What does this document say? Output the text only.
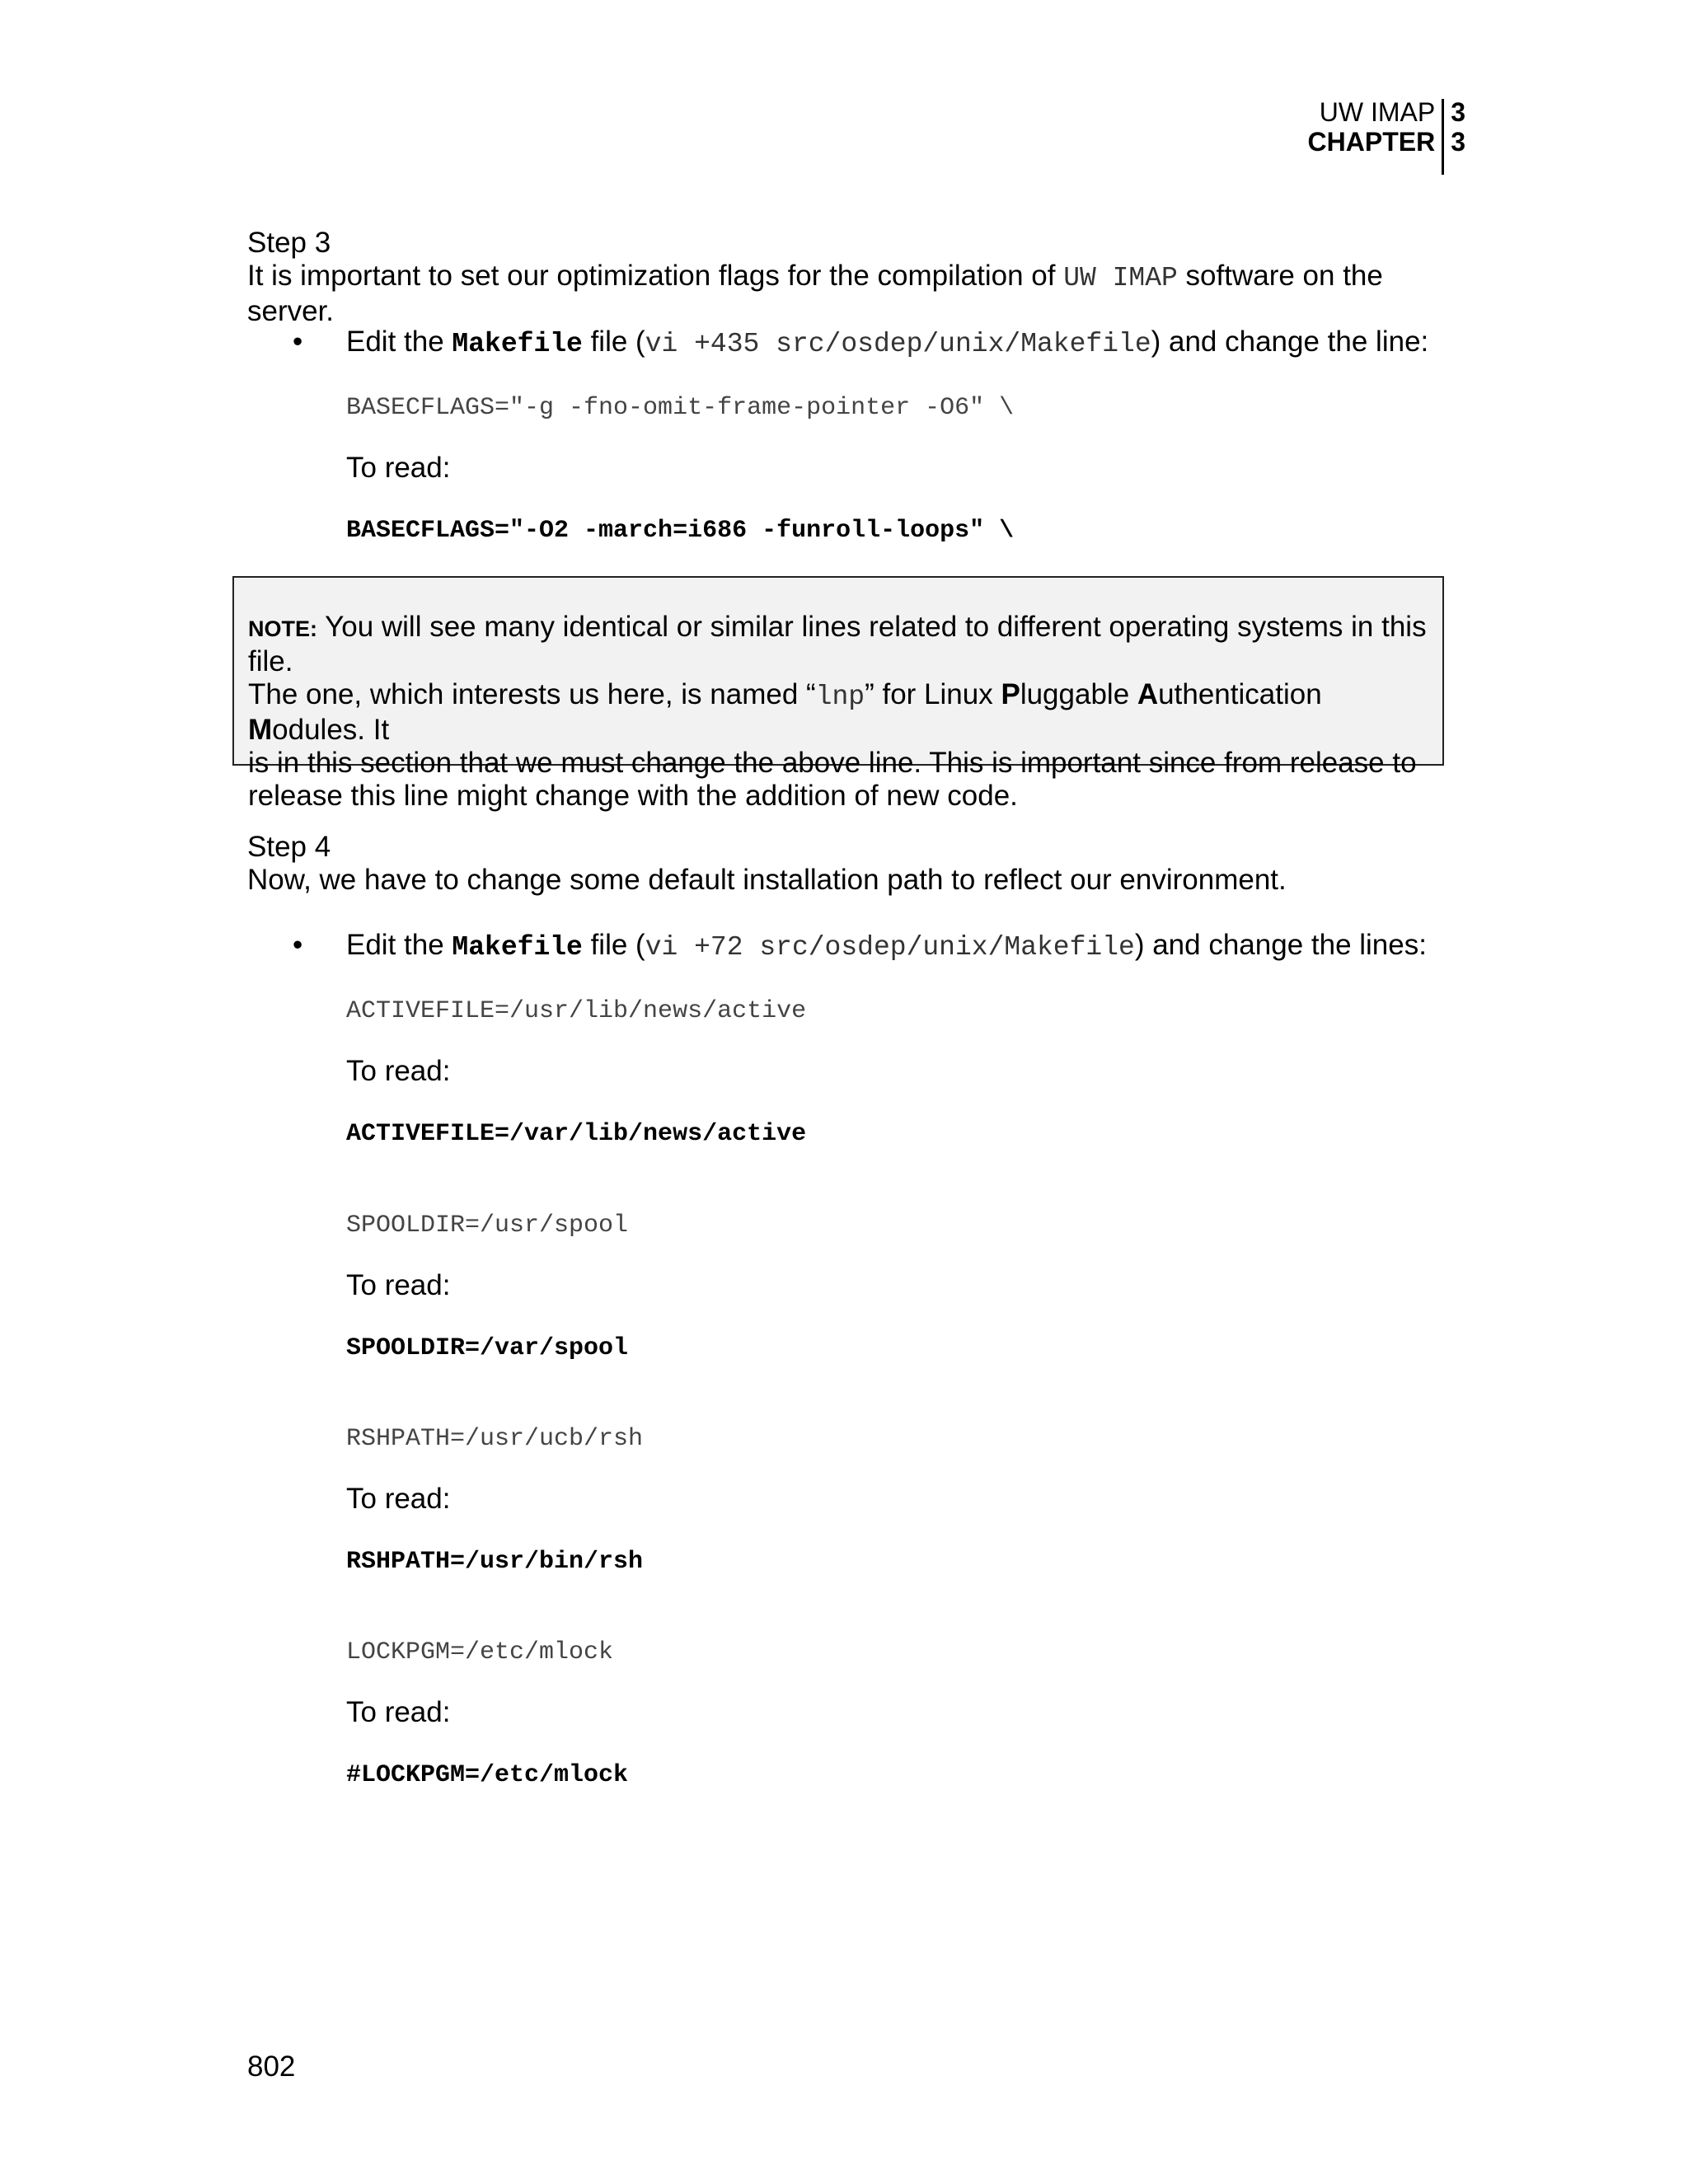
UW IMAP
CHAPTER
3
3
Step 3
It is important to set our optimization flags for the compilation of UW IMAP software on the server.
•	Edit the Makefile file (vi +435 src/osdep/unix/Makefile) and change the line:
BASECFLAGS="-g -fno-omit-frame-pointer -O6" \
To read:
BASECFLAGS="-O2 -march=i686 -funroll-loops" \
NOTE: You will see many identical or similar lines related to different operating systems in this file.
The one, which interests us here, is named “lnp” for Linux Pluggable Authentication Modules. It
is in this section that we must change the above line. This is important since from release to
release this line might change with the addition of new code.
Step 4
Now, we have to change some default installation path to reflect our environment.
•	Edit the Makefile file (vi +72 src/osdep/unix/Makefile) and change the lines:
ACTIVEFILE=/usr/lib/news/active
To read:
ACTIVEFILE=/var/lib/news/active
SPOOLDIR=/usr/spool
To read:
SPOOLDIR=/var/spool
RSHPATH=/usr/ucb/rsh
To read:
RSHPATH=/usr/bin/rsh
LOCKPGM=/etc/mlock
To read:
#LOCKPGM=/etc/mlock
802
